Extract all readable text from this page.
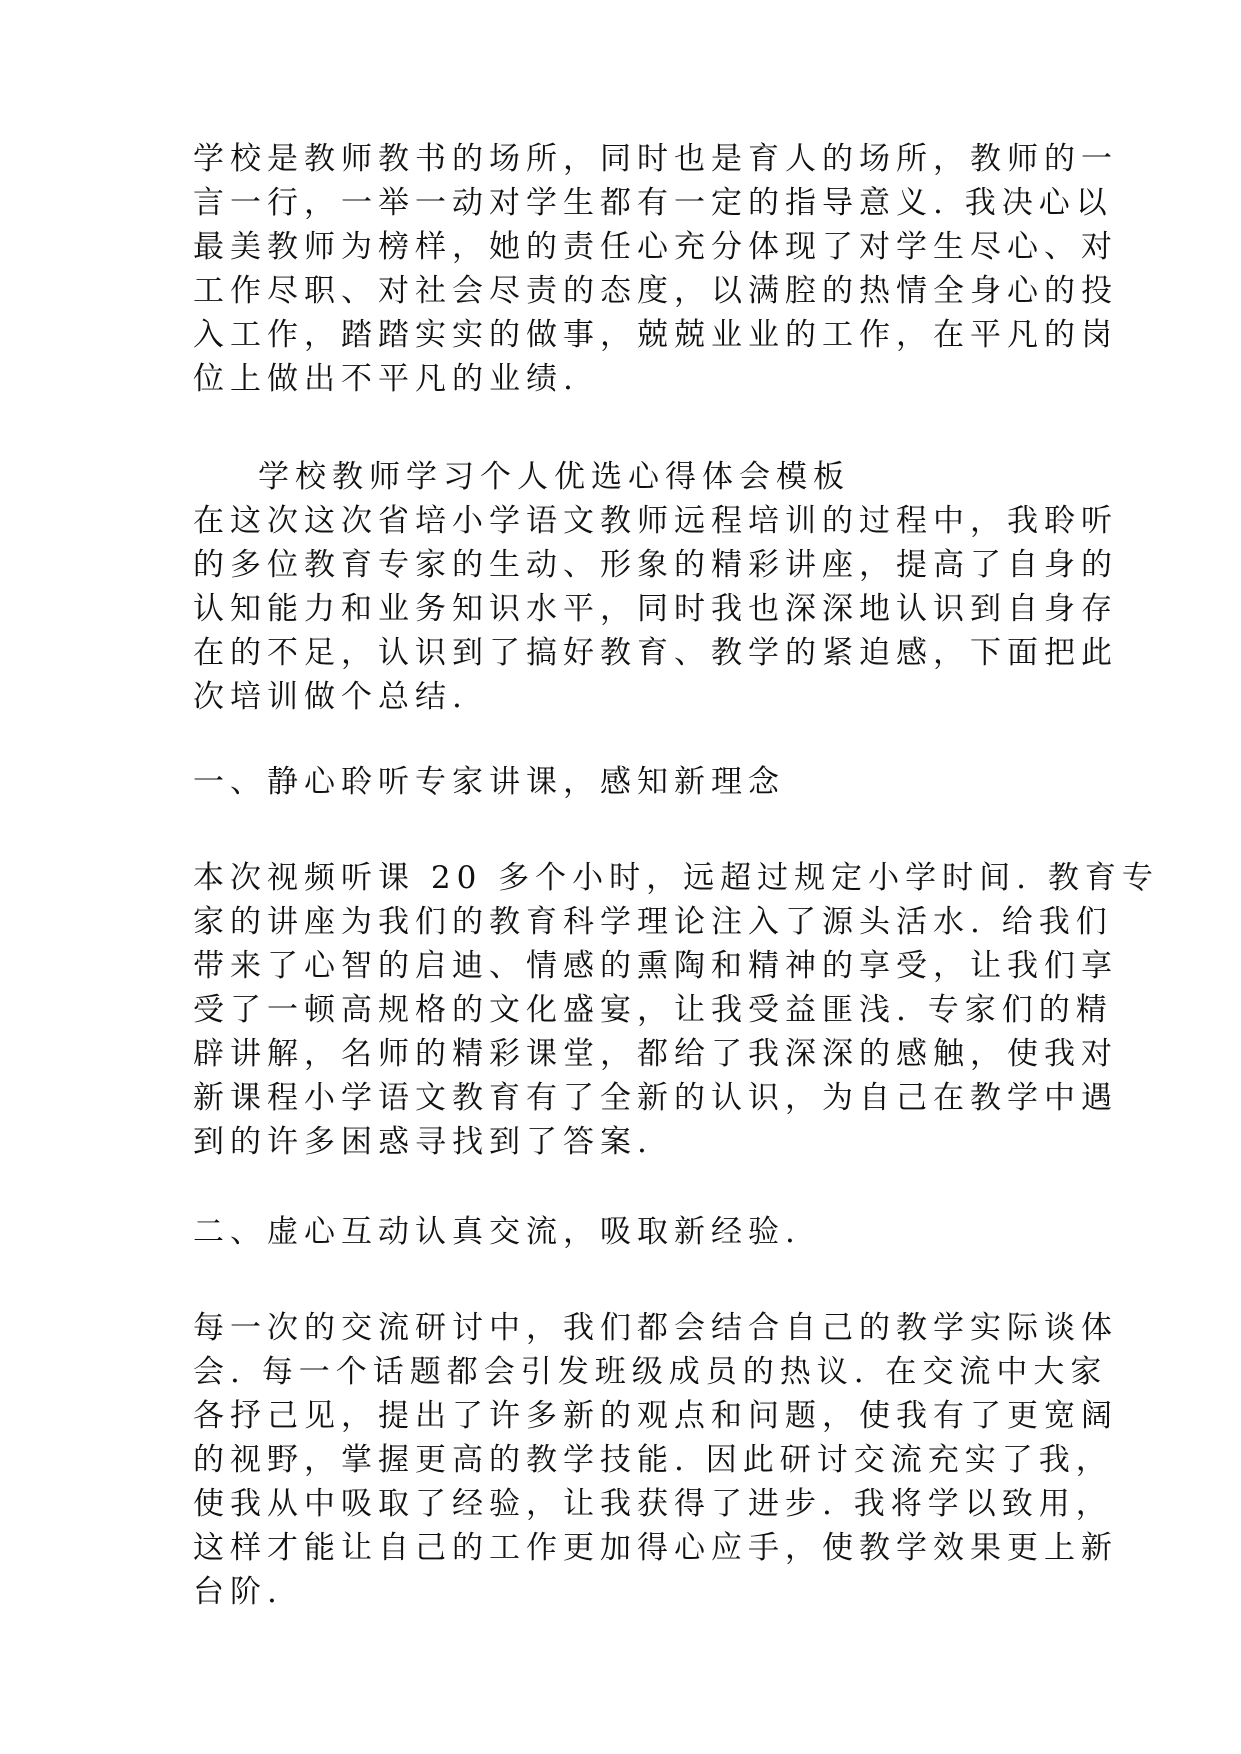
学校是教师教书的场所，同时也是育人的场所，教师的一
言一行，一举一动对学生都有一定的指导意义. 我决心以
最美教师为榜样，她的责任心充分体现了对学生尽心、对
工作尽职、对社会尽责的态度，以满腔的热情全身心的投
入工作，踏踏实实的做事，兢兢业业的工作，在平凡的岗
位上做出不平凡的业绩.
学校教师学习个人优选心得体会模板
在这次这次省培小学语文教师远程培训的过程中，我聆听
的多位教育专家的生动、形象的精彩讲座，提高了自身的
认知能力和业务知识水平，同时我也深深地认识到自身存
在的不足，认识到了搞好教育、教学的紧迫感，下面把此
次培训做个总结.
一、静心聆听专家讲课，感知新理念
本次视频听课 20 多个小时，远超过规定小学时间. 教育专
家的讲座为我们的教育科学理论注入了源头活水. 给我们
带来了心智的启迪、情感的熏陶和精神的享受，让我们享
受了一顿高规格的文化盛宴，让我受益匪浅. 专家们的精
辟讲解，名师的精彩课堂，都给了我深深的感触，使我对
新课程小学语文教育有了全新的认识，为自己在教学中遇
到的许多困惑寻找到了答案.
二、虚心互动认真交流，吸取新经验.
每一次的交流研讨中，我们都会结合自己的教学实际谈体
会. 每一个话题都会引发班级成员的热议. 在交流中大家
各抒己见，提出了许多新的观点和问题，使我有了更宽阔
的视野，掌握更高的教学技能. 因此研讨交流充实了我，
使我从中吸取了经验，让我获得了进步. 我将学以致用，
这样才能让自己的工作更加得心应手，使教学效果更上新
台阶.
